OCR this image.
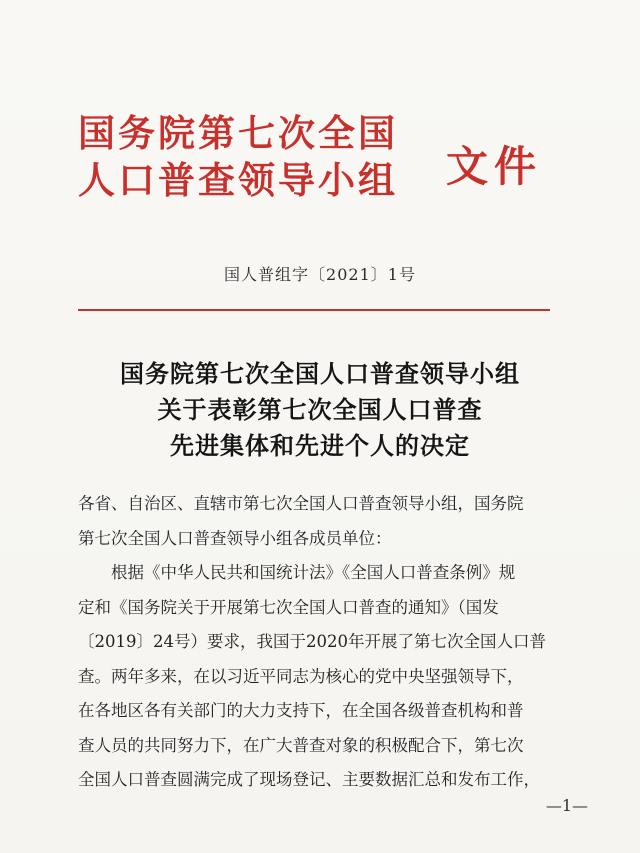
国务院第七次全国
人口普查领导小组	文件
国人普组字〔2021〕1号
国务院第七次全国人口普查领导小组
关于表彰第七次全国人口普查
先进集体和先进个人的决定
各省、自治区、直辖市第七次全国人口普查领导小组，国务院
第七次全国人口普查领导小组各成员单位：
根据《中华人民共和国统计法》《全国人口普查条例》规
定和《国务院关于开展第七次全国人口普查的通知》（国发
〔2019〕24号）要求，我国于2020年开展了第七次全国人口普
查。两年多来，在以习近平同志为核心的党中央坚强领导下，
在各地区各有关部门的大力支持下，在全国各级普查机构和普
查人员的共同努力下，在广大普查对象的积极配合下，第七次
全国人口普查圆满完成了现场登记、主要数据汇总和发布工作，
—1—
